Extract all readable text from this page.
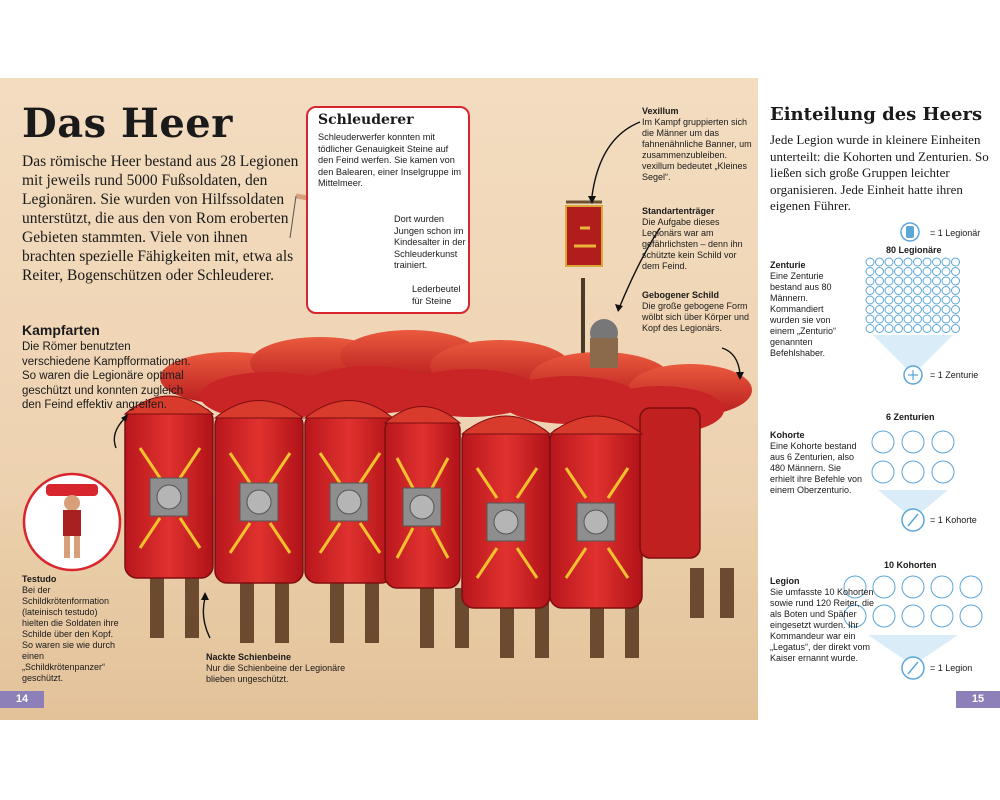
Das Heer

Das römische Heer bestand aus 28 Legionen mit jeweils rund 5000 Fußsoldaten, den Legionären. Sie wurden von Hilfssoldaten unterstützt, die aus den von Rom eroberten Gebieten stammten. Viele von ihnen brachten spezielle Fähigkeiten mit, etwa als Reiter, Bogenschützen oder Schleuderer.

Kampfarten

Die Römer benutzten verschiedene Kampfformationen. So waren die Legionäre optimal geschützt und konnten zugleich den Feind effektiv angreifen.

Schleuderer

Schleuderwerfer konnten mit tödlicher Genauigkeit Steine auf den Feind werfen. Sie kamen von den Balearen, einer Inselgruppe im Mittelmeer.

Dort wurden Jungen schon im Kindesalter in der Schleuderkunst trainiert.

Lederbeutel für Steine

Vexillum
Im Kampf gruppierten sich die Männer um das fahnenähnliche Banner, um zusammenzubleiben. vexillum bedeutet „Kleines Segel“.
Standartenträger
Die Aufgabe dieses Legionärs war am gefährlichsten – denn ihn schützte kein Schild vor dem Feind.
Gebogener Schild
Die große gebogene Form wölbt sich über Körper und Kopf des Legionärs.
Testudo
Bei der Schildkrötenformation (lateinisch testudo) hielten die Soldaten ihre Schilde über den Kopf. So waren sie wie durch einen „Schildkrötenpanzer“ geschützt.
Nackte Schienbeine
Nur die Schienbeine der Legionäre blieben ungeschützt.
Einteilung des Heers

Jede Legion wurde in kleinere Einheiten unterteilt: die Kohorten und Zenturien. So ließen sich große Gruppen leichter organisieren. Jede Einheit hatte ihren eigenen Führer.

= 1 Legionär

80 Legionäre

Zenturie
Eine Zenturie bestand aus 80 Männern. Kommandiert wurden sie von einem „Zenturio“ genannten Befehlshaber.

= 1 Zenturie

6 Zenturien

Kohorte
Eine Kohorte bestand aus 6 Zenturien, also 480 Männern. Sie erhielt ihre Befehle von einem Oberzenturio.

= 1 Kohorte

10 Kohorten

Legion
Sie umfasste 10 Kohorten sowie rund 120 Reiter, die als Boten und Späher eingesetzt wurden. Ihr Kommandeur war ein „Legatus“, der direkt vom Kaiser ernannt wurde.

= 1 Legion

14	15
